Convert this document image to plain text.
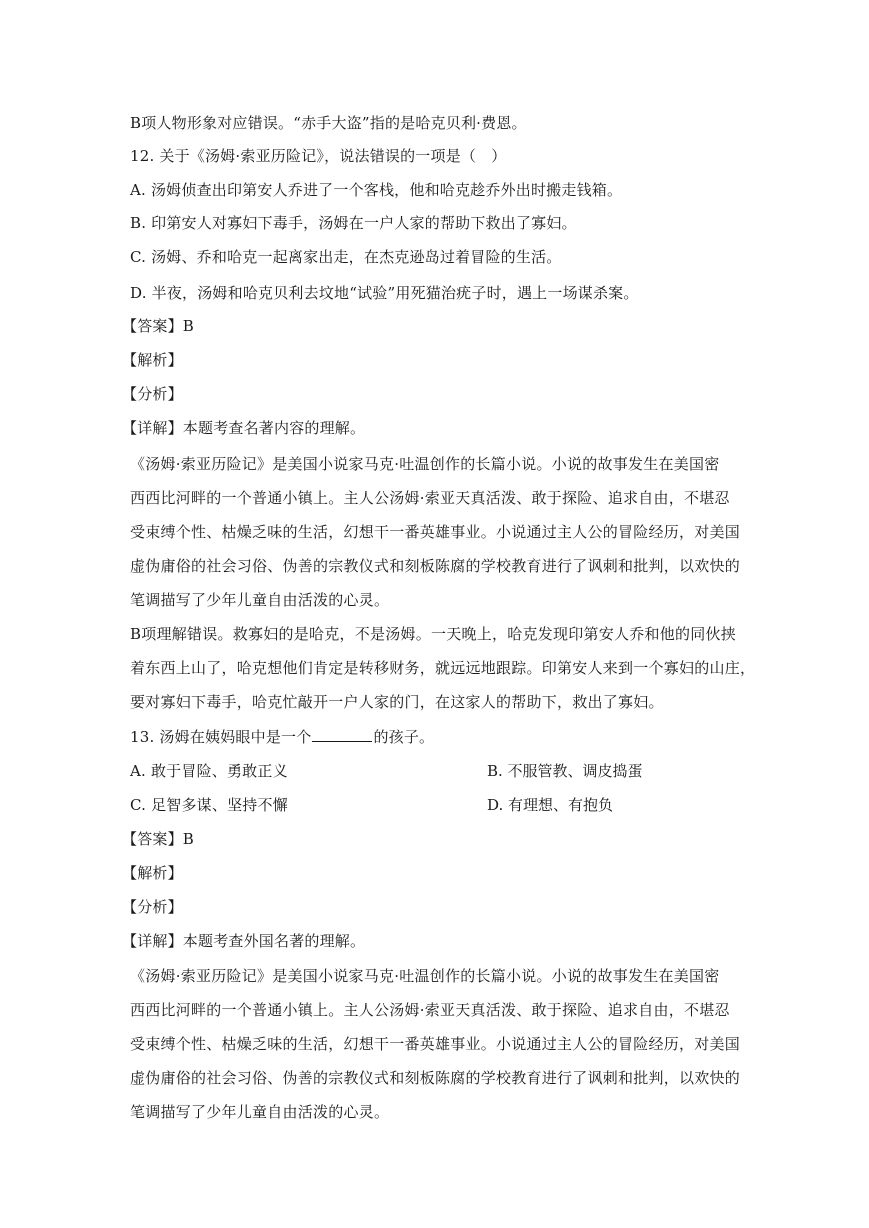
B项人物形象对应错误。“赤手大盗”指的是哈克贝利·费恩。
12. 关于《汤姆·索亚历险记》，说法错误的一项是（　）
A. 汤姆侦查出印第安人乔进了一个客栈，他和哈克趁乔外出时搬走钱箱。
B. 印第安人对寡妇下毒手，汤姆在一户人家的帮助下救出了寡妇。
C. 汤姆、乔和哈克一起离家出走，在杰克逊岛过着冒险的生活。
D. 半夜，汤姆和哈克贝利去坟地“试验”用死猫治疣子时，遇上一场谋杀案。
【答案】B
【解析】
【分析】
【详解】本题考查名著内容的理解。
《汤姆·索亚历险记》是美国小说家马克·吐温创作的长篇小说。小说的故事发生在美国密
西西比河畔的一个普通小镇上。主人公汤姆·索亚天真活泼、敢于探险、追求自由，不堪忍
受束缚个性、枯燥乏味的生活，幻想干一番英雄事业。小说通过主人公的冒险经历，对美国
虚伪庸俗的社会习俗、伪善的宗教仪式和刻板陈腐的学校教育进行了讽刺和批判，以欢快的
笔调描写了少年儿童自由活泼的心灵。
B项理解错误。救寡妇的是哈克，不是汤姆。一天晚上，哈克发现印第安人乔和他的同伙挟
着东西上山了，哈克想他们肯定是转移财务，就远远地跟踪。印第安人来到一个寡妇的山庄，
要对寡妇下毒手，哈克忙敲开一户人家的门，在这家人的帮助下，救出了寡妇。
13. 汤姆在姨妈眼中是一个	的孩子。
A. 敢于冒险、勇敢正义	B. 不服管教、调皮捣蛋
C. 足智多谋、坚持不懈	D. 有理想、有抱负
【答案】B
【解析】
【分析】
【详解】本题考查外国名著的理解。
《汤姆·索亚历险记》是美国小说家马克·吐温创作的长篇小说。小说的故事发生在美国密
西西比河畔的一个普通小镇上。主人公汤姆·索亚天真活泼、敢于探险、追求自由，不堪忍
受束缚个性、枯燥乏味的生活，幻想干一番英雄事业。小说通过主人公的冒险经历，对美国
虚伪庸俗的社会习俗、伪善的宗教仪式和刻板陈腐的学校教育进行了讽刺和批判，以欢快的
笔调描写了少年儿童自由活泼的心灵。
